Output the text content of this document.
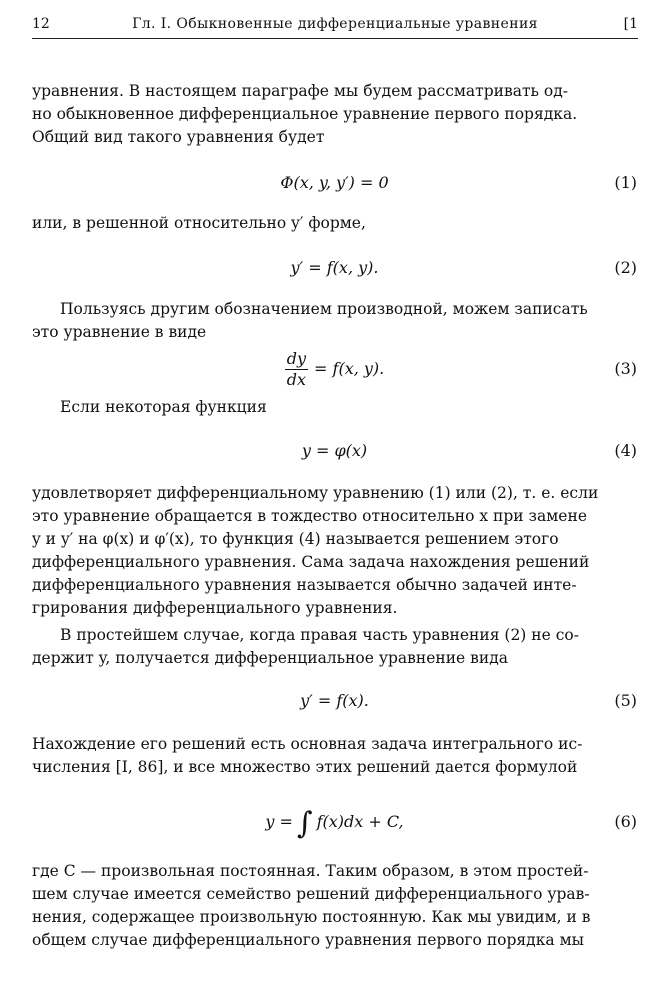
12	Гл. I. Обыкновенные дифференциальные уравнения	[1
уравнения. В настоящем параграфе мы будем рассматривать од-
но обыкновенное дифференциальное уравнение первого порядка.
Общий вид такого уравнения будет
Φ(x, y, y′) = 0	(1)
или, в решенной относительно y′ форме,
y′ = f(x, y).	(2)
Пользуясь другим обозначением производной, можем записать
это уравнение в виде
$\frac{dy}{dx} = f(x$, y).	(3)
Если некоторая функция
y = φ(x)	(4)
удовлетворяет дифференциальному уравнению (1) или (2), т. е. если
это уравнение обращается в тождество относительно x при замене
y и y′ на φ(x) и φ′(x), то функция (4) называется решением этого
дифференциального уравнения. Сама задача нахождения решений
дифференциального уравнения называется обычно задачей инте-
грирования дифференциального уравнения.
В простейшем случае, когда правая часть уравнения (2) не со-
держит y, получается дифференциальное уравнение вида
y′ = f(x).	(5)
Нахождение его решений есть основная задача интегрального ис-
числения [I, 86], и все множество этих решений дается формулой
y = ∫ f(x)dx + C,	(6)
где C — произвольная постоянная. Таким образом, в этом простей-
шем случае имеется семейство решений дифференциального урав-
нения, содержащее произвольную постоянную. Как мы увидим, и в
общем случае дифференциального уравнения первого порядка мы
